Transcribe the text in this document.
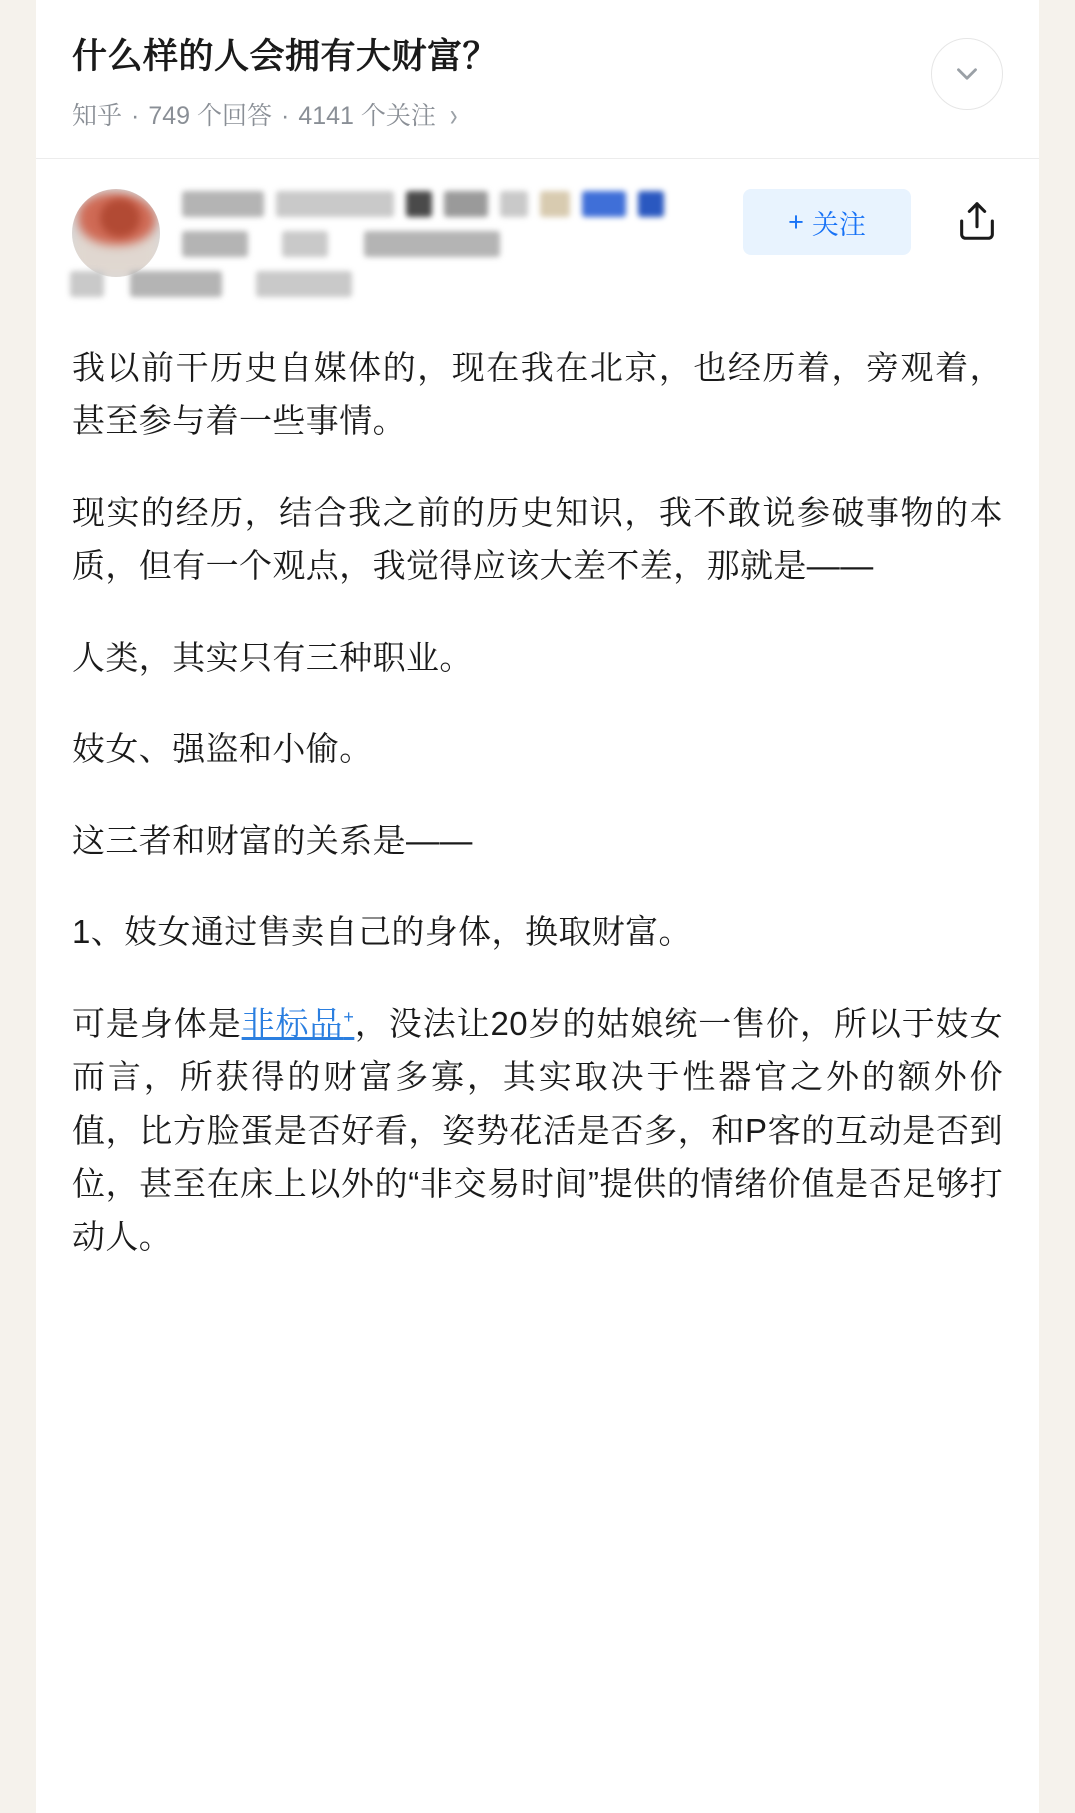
什么样的人会拥有大财富？
知乎 · 749 个回答 · 4141 个关注 ›
+ 关注

我以前干历史自媒体的，现在我在北京，也经历着，旁观着，甚至参与着一些事情。

现实的经历，结合我之前的历史知识，我不敢说参破事物的本质，但有一个观点，我觉得应该大差不差，那就是——

人类，其实只有三种职业。

妓女、强盗和小偷。

这三者和财富的关系是——

1、妓女通过售卖自己的身体，换取财富。

可是身体是非标品+，没法让20岁的姑娘统一售价，所以于妓女而言，所获得的财富多寡，其实取决于性器官之外的额外价值，比方脸蛋是否好看，姿势花活是否多，和P客的互动是否到位，甚至在床上以外的“非交易时间”提供的情绪价值是否足够打动人。
